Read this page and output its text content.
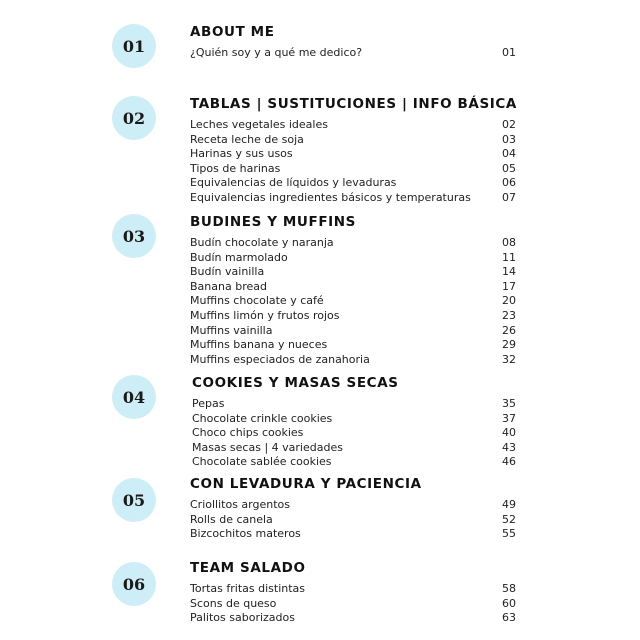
01
ABOUT ME
¿Quién soy y a qué me dedico?	01
02
TABLAS | SUSTITUCIONES | INFO BÁSICA
Leches vegetales ideales	02
Receta leche de soja	03
Harinas y sus usos	04
Tipos de harinas	05
Equivalencias de líquidos y levaduras	06
Equivalencias ingredientes básicos y temperaturas	07
03
BUDINES Y MUFFINS
Budín chocolate y naranja	08
Budín marmolado	11
Budín vainilla	14
Banana bread	17
Muffins chocolate y café	20
Muffins limón y frutos rojos	23
Muffins vainilla	26
Muffins banana y nueces	29
Muffins especiados de zanahoria	32
04
COOKIES Y MASAS SECAS
Pepas	35
Chocolate crinkle cookies	37
Choco chips cookies	40
Masas secas | 4 variedades	43
Chocolate sablée cookies	46
05
CON LEVADURA Y PACIENCIA
Criollitos argentos	49
Rolls de canela	52
Bizcochitos materos	55
06
TEAM SALADO
Tortas fritas distintas	58
Scons de queso	60
Palitos saborizados	63
